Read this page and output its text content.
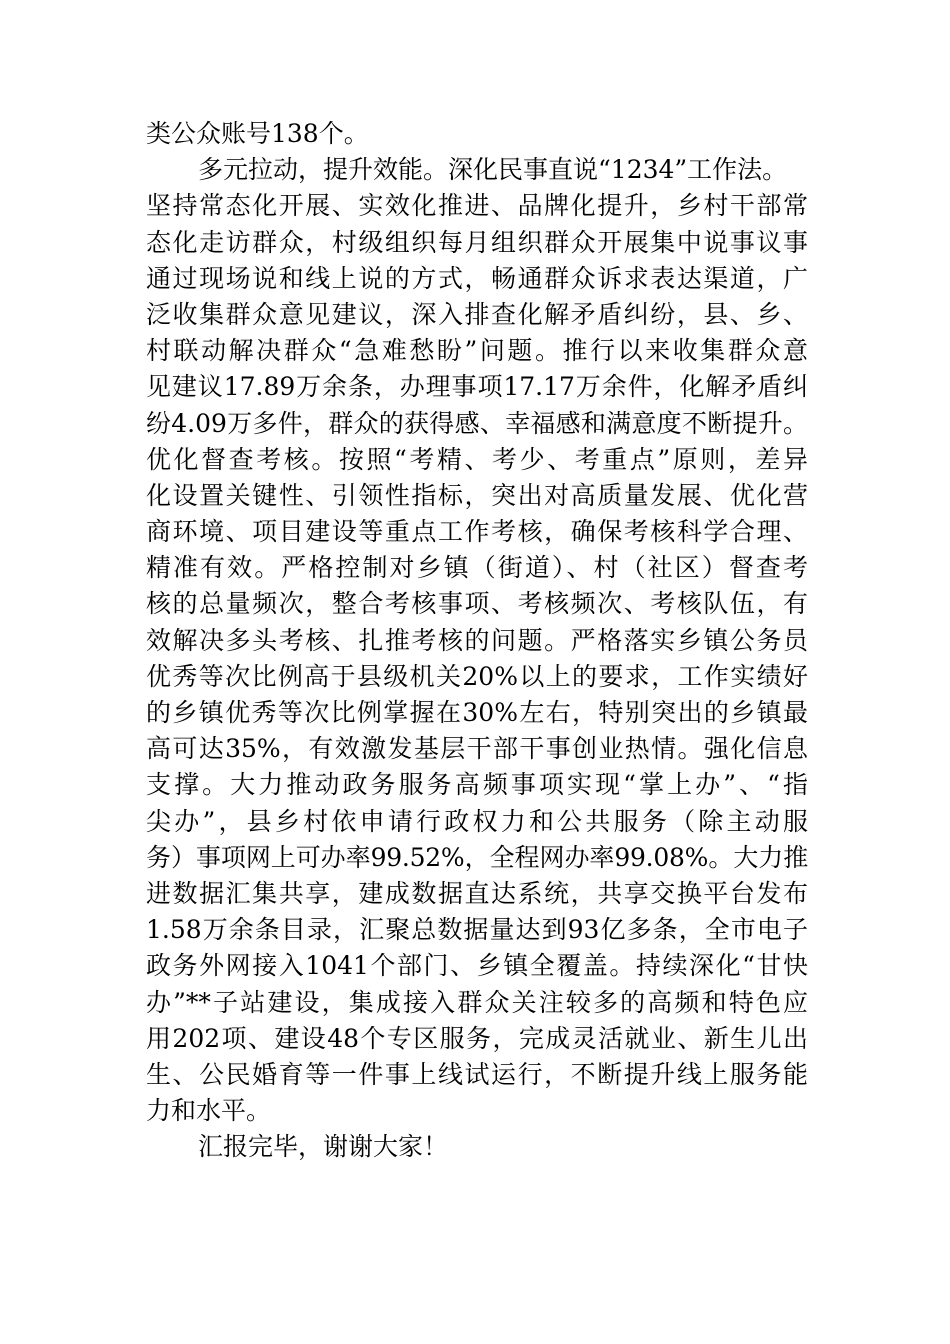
类公众账号138个。
多元拉动，提升效能。深化民事直说“1234”工作法。
坚持常态化开展、实效化推进、品牌化提升，乡村干部常
态化走访群众，村级组织每月组织群众开展集中说事议事
通过现场说和线上说的方式，畅通群众诉求表达渠道，广
泛收集群众意见建议，深入排查化解矛盾纠纷，县、乡、
村联动解决群众“急难愁盼”问题。推行以来收集群众意
见建议17.89万余条，办理事项17.17万余件，化解矛盾纠
纷4.09万多件，群众的获得感、幸福感和满意度不断提升。
优化督查考核。按照“考精、考少、考重点”原则，差异
化设置关键性、引领性指标，突出对高质量发展、优化营
商环境、项目建设等重点工作考核，确保考核科学合理、
精准有效。严格控制对乡镇（街道）、村（社区）督查考
核的总量频次，整合考核事项、考核频次、考核队伍，有
效解决多头考核、扎推考核的问题。严格落实乡镇公务员
优秀等次比例高于县级机关20%以上的要求，工作实绩好
的乡镇优秀等次比例掌握在30%左右，特别突出的乡镇最
高可达35%，有效激发基层干部干事创业热情。强化信息
支撑。大力推动政务服务高频事项实现“掌上办”、“指
尖办”，县乡村依申请行政权力和公共服务（除主动服
务）事项网上可办率99.52%，全程网办率99.08%。大力推
进数据汇集共享，建成数据直达系统，共享交换平台发布
1.58万余条目录，汇聚总数据量达到93亿多条，全市电子
政务外网接入1041个部门、乡镇全覆盖。持续深化“甘快
办”**子站建设，集成接入群众关注较多的高频和特色应
用202项、建设48个专区服务，完成灵活就业、新生儿出
生、公民婚育等一件事上线试运行，不断提升线上服务能
力和水平。
汇报完毕，谢谢大家！
